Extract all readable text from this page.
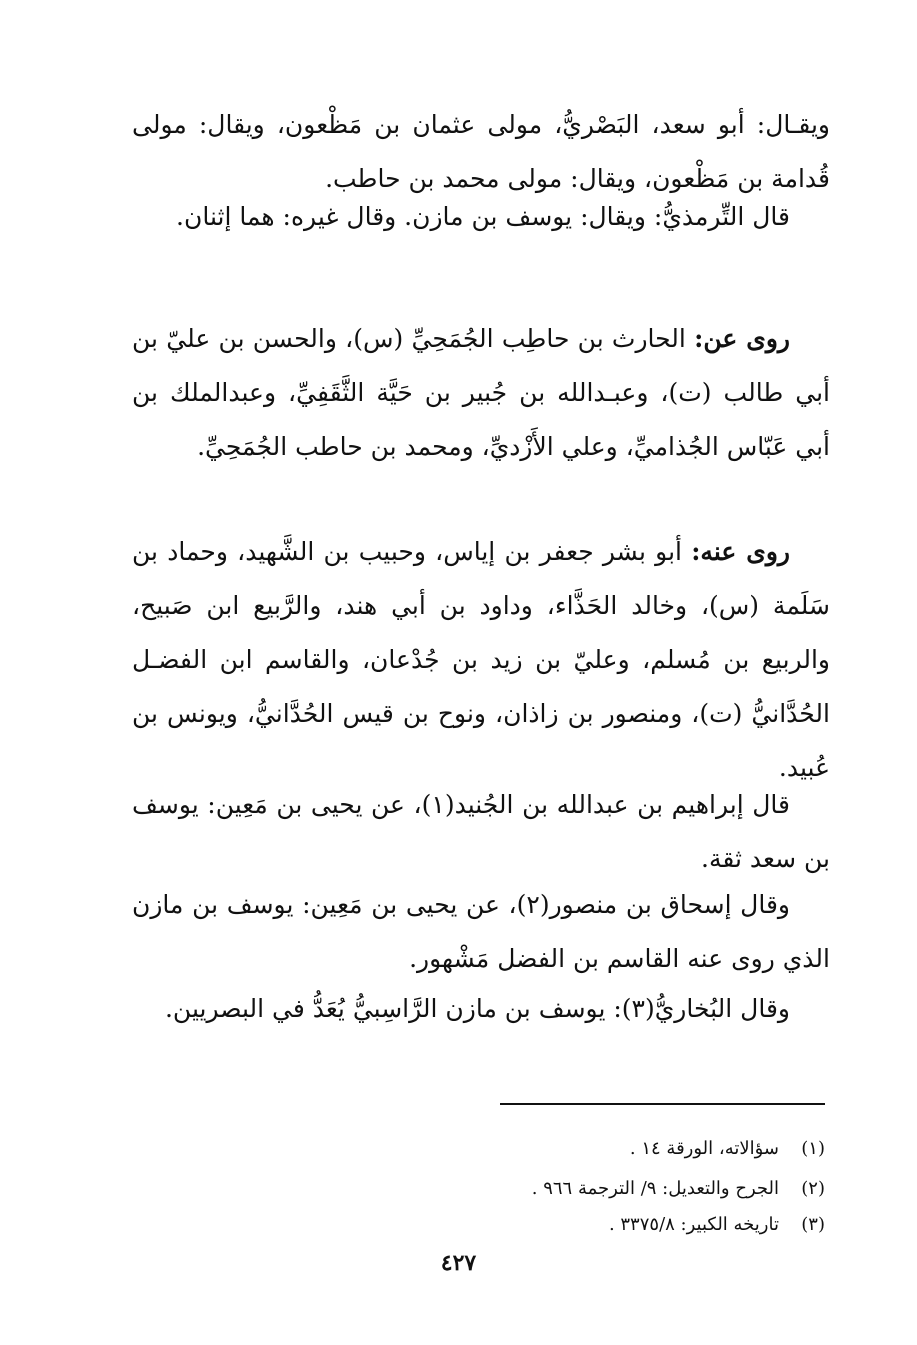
ويقـال: أبو سعد، البَصْريُّ، مولى عثمان بن مَظْعون، ويقال: مولى قُدامة بن مَظْعون، ويقال: مولى محمد بن حاطب.

قال التِّرمذيُّ: ويقال: يوسف بن مازن. وقال غيره: هما إثنان.

روى عن: الحارث بن حاطِب الجُمَحِيِّ (س)، والحسن بن عليّ بن أبي طالب (ت)، وعبـدالله بن جُبير بن حَيَّة الثَّقَفِيِّ، وعبدالملك بن أبي عَبّاس الجُذاميِّ، وعلي الأَزْديِّ، ومحمد بن حاطب الجُمَحِيِّ.

روى عنه: أبو بشر جعفر بن إياس، وحبيب بن الشَّهيد، وحماد بن سَلَمة (س)، وخالد الحَذَّاء، وداود بن أبي هند، والرَّبيع ابن صَبيح، والربيع بن مُسلم، وعليّ بن زيد بن جُدْعان، والقاسم ابن الفضـل الحُدَّانيُّ (ت)، ومنصور بن زاذان، ونوح بن قيس الحُدَّانيُّ، ويونس بن عُبيد.

قال إبراهيم بن عبدالله بن الجُنيد(١)، عن يحيى بن مَعِين: يوسف بن سعد ثقة.

وقال إسحاق بن منصور(٢)، عن يحيى بن مَعِين: يوسف بن مازن الذي روى عنه القاسم بن الفضل مَشْهور.

وقال البُخاريُّ(٣): يوسف بن مازن الرَّاسِبيُّ يُعَدُّ في البصريين.

(١)سؤالاته، الورقة ١٤ .

(٢)الجرح والتعديل: ٩/ الترجمة ٩٦٦ .

(٣)تاريخه الكبير: ٣٣٧٥/٨ .

٤٢٧
